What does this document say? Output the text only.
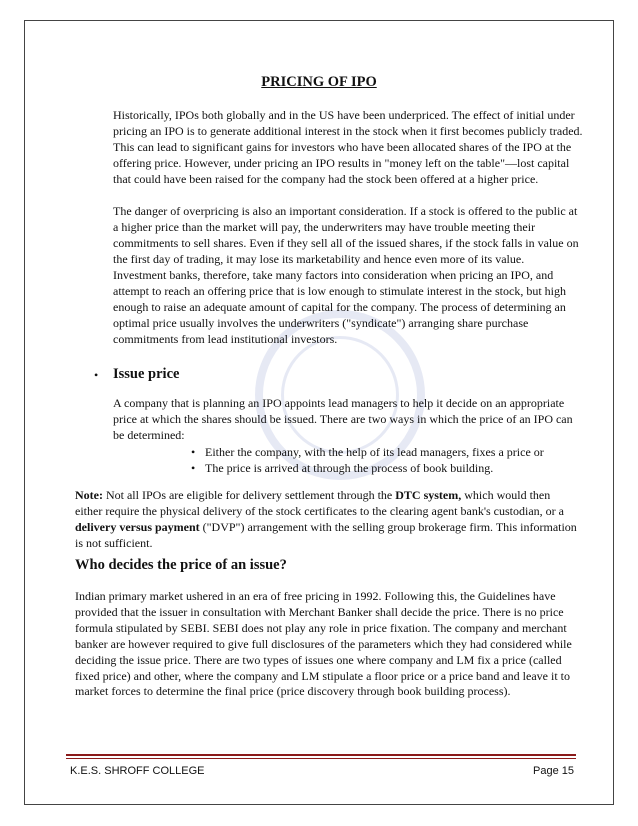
PRICING OF IPO
Historically, IPOs both globally and in the US have been underpriced. The effect of initial under pricing an IPO is to generate additional interest in the stock when it first becomes publicly traded. This can lead to significant gains for investors who have been allocated shares of the IPO at the offering price. However, under pricing an IPO results in "money left on the table"—lost capital that could have been raised for the company had the stock been offered at a higher price.
The danger of overpricing is also an important consideration. If a stock is offered to the public at a higher price than the market will pay, the underwriters may have trouble meeting their commitments to sell shares. Even if they sell all of the issued shares, if the stock falls in value on the first day of trading, it may lose its marketability and hence even more of its value.
Investment banks, therefore, take many factors into consideration when pricing an IPO, and attempt to reach an offering price that is low enough to stimulate interest in the stock, but high enough to raise an adequate amount of capital for the company. The process of determining an optimal price usually involves the underwriters ("syndicate") arranging share purchase commitments from lead institutional investors.
• Issue price
A company that is planning an IPO appoints lead managers to help it decide on an appropriate price at which the shares should be issued. There are two ways in which the price of an IPO can be determined:
• Either the company, with the help of its lead managers, fixes a price or
• The price is arrived at through the process of book building.
Note: Not all IPOs are eligible for delivery settlement through the DTC system, which would then either require the physical delivery of the stock certificates to the clearing agent bank's custodian, or a delivery versus payment ("DVP") arrangement with the selling group brokerage firm. This information is not sufficient.
Who decides the price of an issue?
Indian primary market ushered in an era of free pricing in 1992. Following this, the Guidelines have provided that the issuer in consultation with Merchant Banker shall decide the price. There is no price formula stipulated by SEBI. SEBI does not play any role in price fixation. The company and merchant banker are however required to give full disclosures of the parameters which they had considered while deciding the issue price. There are two types of issues one where company and LM fix a price (called fixed price) and other, where the company and LM stipulate a floor price or a price band and leave it to market forces to determine the final price (price discovery through book building process).
K.E.S. SHROFF COLLEGE	Page 15
